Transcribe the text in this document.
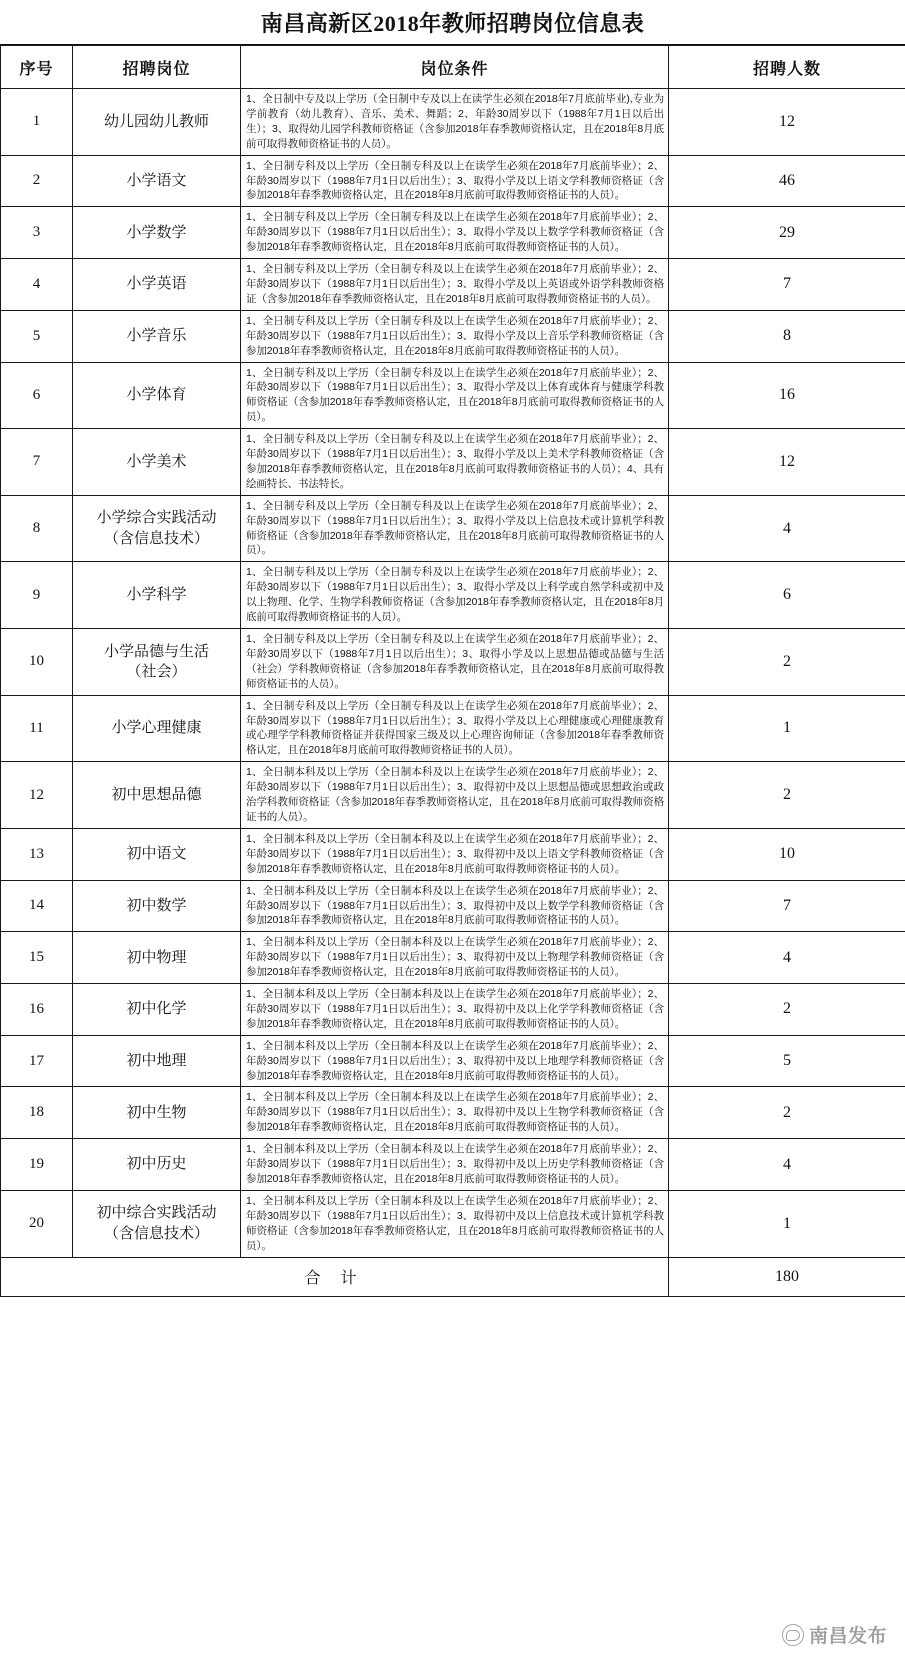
南昌高新区2018年教师招聘岗位信息表
序号	招聘岗位	岗位条件	招聘人数
1	幼儿园幼儿教师	1、全日制中专及以上学历（全日制中专及以上在读学生必须在2018年7月底前毕业),专业为学前教育（幼儿教育）、音乐、美术、舞蹈；2、年龄30周岁以下（1988年7月1日以后出生）；3、取得幼儿园学科教师资格证（含参加2018年春季教师资格认定，且在2018年8月底前可取得教师资格证书的人员）。	12
2	小学语文	1、全日制专科及以上学历（全日制专科及以上在读学生必须在2018年7月底前毕业）；2、年龄30周岁以下（1988年7月1日以后出生）；3、取得小学及以上语文学科教师资格证（含参加2018年春季教师资格认定，且在2018年8月底前可取得教师资格证书的人员）。	46
3	小学数学	1、全日制专科及以上学历（全日制专科及以上在读学生必须在2018年7月底前毕业）；2、年龄30周岁以下（1988年7月1日以后出生）；3、取得小学及以上数学学科教师资格证（含参加2018年春季教师资格认定，且在2018年8月底前可取得教师资格证书的人员）。	29
4	小学英语	1、全日制专科及以上学历（全日制专科及以上在读学生必须在2018年7月底前毕业）；2、年龄30周岁以下（1988年7月1日以后出生）；3、取得小学及以上英语或外语学科教师资格证（含参加2018年春季教师资格认定，且在2018年8月底前可取得教师资格证书的人员）。	7
5	小学音乐	1、全日制专科及以上学历（全日制专科及以上在读学生必须在2018年7月底前毕业）；2、年龄30周岁以下（1988年7月1日以后出生）；3、取得小学及以上音乐学科教师资格证（含参加2018年春季教师资格认定，且在2018年8月底前可取得教师资格证书的人员）。	8
6	小学体育	1、全日制专科及以上学历（全日制专科及以上在读学生必须在2018年7月底前毕业）；2、年龄30周岁以下（1988年7月1日以后出生）；3、取得小学及以上体育或体育与健康学科教师资格证（含参加2018年春季教师资格认定，且在2018年8月底前可取得教师资格证书的人员）。	16
7	小学美术	1、全日制专科及以上学历（全日制专科及以上在读学生必须在2018年7月底前毕业）；2、年龄30周岁以下（1988年7月1日以后出生）；3、取得小学及以上美术学科教师资格证（含参加2018年春季教师资格认定，且在2018年8月底前可取得教师资格证书的人员）；4、具有绘画特长、书法特长。	12
8	小学综合实践活动
（含信息技术）	1、全日制专科及以上学历（全日制专科及以上在读学生必须在2018年7月底前毕业）；2、年龄30周岁以下（1988年7月1日以后出生）；3、取得小学及以上信息技术或计算机学科教师资格证（含参加2018年春季教师资格认定，且在2018年8月底前可取得教师资格证书的人员）。	4
9	小学科学	1、全日制专科及以上学历（全日制专科及以上在读学生必须在2018年7月底前毕业）；2、年龄30周岁以下（1988年7月1日以后出生）；3、取得小学及以上科学或自然学科或初中及以上物理、化学、生物学科教师资格证（含参加2018年春季教师资格认定，且在2018年8月底前可取得教师资格证书的人员）。	6
10	小学品德与生活
（社会）	1、全日制专科及以上学历（全日制专科及以上在读学生必须在2018年7月底前毕业）；2、年龄30周岁以下（1988年7月1日以后出生）；3、取得小学及以上思想品德或品德与生活（社会）学科教师资格证（含参加2018年春季教师资格认定，且在2018年8月底前可取得教师资格证书的人员）。	2
11	小学心理健康	1、全日制专科及以上学历（全日制专科及以上在读学生必须在2018年7月底前毕业）；2、年龄30周岁以下（1988年7月1日以后出生）；3、取得小学及以上心理健康或心理健康教育或心理学学科教师资格证并获得国家三级及以上心理咨询师证（含参加2018年春季教师资格认定，且在2018年8月底前可取得教师资格证书的人员）。	1
12	初中思想品德	1、全日制本科及以上学历（全日制本科及以上在读学生必须在2018年7月底前毕业）；2、年龄30周岁以下（1988年7月1日以后出生）；3、取得初中及以上思想品德或思想政治或政治学科教师资格证（含参加2018年春季教师资格认定，且在2018年8月底前可取得教师资格证书的人员）。	2
13	初中语文	1、全日制本科及以上学历（全日制本科及以上在读学生必须在2018年7月底前毕业）；2、年龄30周岁以下（1988年7月1日以后出生）；3、取得初中及以上语文学科教师资格证（含参加2018年春季教师资格认定，且在2018年8月底前可取得教师资格证书的人员）。	10
14	初中数学	1、全日制本科及以上学历（全日制本科及以上在读学生必须在2018年7月底前毕业）；2、年龄30周岁以下（1988年7月1日以后出生）；3、取得初中及以上数学学科教师资格证（含参加2018年春季教师资格认定，且在2018年8月底前可取得教师资格证书的人员）。	7
15	初中物理	1、全日制本科及以上学历（全日制本科及以上在读学生必须在2018年7月底前毕业）；2、年龄30周岁以下（1988年7月1日以后出生）；3、取得初中及以上物理学科教师资格证（含参加2018年春季教师资格认定，且在2018年8月底前可取得教师资格证书的人员）。	4
16	初中化学	1、全日制本科及以上学历（全日制本科及以上在读学生必须在2018年7月底前毕业）；2、年龄30周岁以下（1988年7月1日以后出生）；3、取得初中及以上化学学科教师资格证（含参加2018年春季教师资格认定，且在2018年8月底前可取得教师资格证书的人员）。	2
17	初中地理	1、全日制本科及以上学历（全日制本科及以上在读学生必须在2018年7月底前毕业）；2、年龄30周岁以下（1988年7月1日以后出生）；3、取得初中及以上地理学科教师资格证（含参加2018年春季教师资格认定，且在2018年8月底前可取得教师资格证书的人员）。	5
18	初中生物	1、全日制本科及以上学历（全日制本科及以上在读学生必须在2018年7月底前毕业）；2、年龄30周岁以下（1988年7月1日以后出生）；3、取得初中及以上生物学科教师资格证（含参加2018年春季教师资格认定，且在2018年8月底前可取得教师资格证书的人员）。	2
19	初中历史	1、全日制本科及以上学历（全日制本科及以上在读学生必须在2018年7月底前毕业）；2、年龄30周岁以下（1988年7月1日以后出生）；3、取得初中及以上历史学科教师资格证（含参加2018年春季教师资格认定，且在2018年8月底前可取得教师资格证书的人员）。	4
20	初中综合实践活动
（含信息技术）	1、全日制本科及以上学历（全日制本科及以上在读学生必须在2018年7月底前毕业）；2、年龄30周岁以下（1988年7月1日以后出生）；3、取得初中及以上信息技术或计算机学科教师资格证（含参加2018年春季教师资格认定，且在2018年8月底前可取得教师资格证书的人员）。	1
合 计			180
南昌发布
